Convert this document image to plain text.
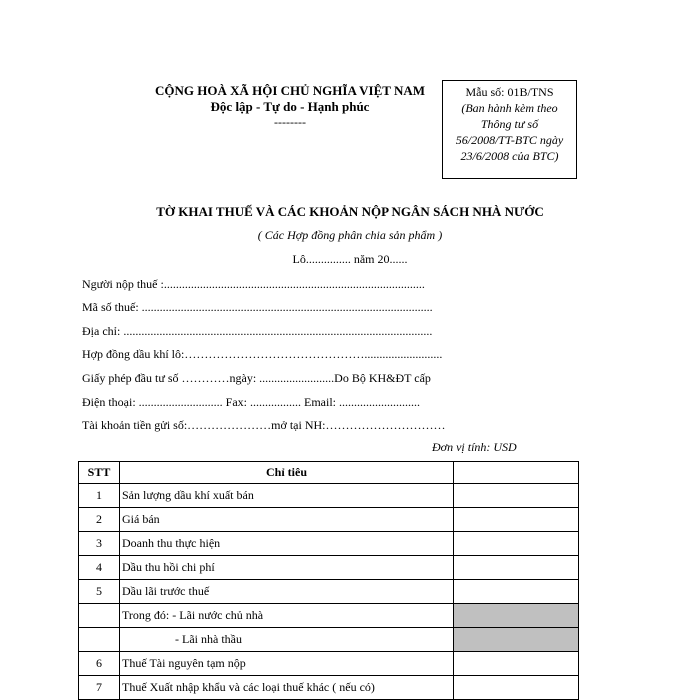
CỘNG HOÀ XÃ HỘI CHỦ NGHĨA VIỆT NAM
Độc lập - Tự do - Hạnh phúc
--------
Mẫu số: 01B/TNS
(Ban hành kèm theo
Thông tư số
56/2008/TT-BTC ngày
23/6/2008 của BTC)
TỜ KHAI THUẾ VÀ CÁC KHOẢN NỘP NGÂN SÁCH NHÀ NƯỚC
( Các Hợp đồng phân chia sản phẩm )
Lô............... năm 20......
Người nộp thuế :.......................................................................................
Mã số thuế: .................................................................................................
Địa chỉ: .......................................................................................................
Hợp đồng dầu khí lô:………………………………………..........................
Giấy phép đầu tư số …………ngày: .........................Do Bộ KH&ĐT cấp
Điện thoại: ............................ Fax: ................. Email: ...........................
Tài khoản tiền gửi số:…………………mở tại NH:…………………………
Đơn vị tính: USD
STT	Chỉ tiêu	
1	Sản lượng dầu khí xuất bán	
2	Giá bán	
3	Doanh thu thực hiện	
4	Dầu thu hồi chi phí	
5	Dầu lãi trước thuế	
	Trong đó: - Lãi nước chủ nhà	
	- Lãi nhà thầu	
6	Thuế Tài nguyên tạm nộp	
7	Thuế Xuất nhập khẩu và các loại thuế khác ( nếu có)	
